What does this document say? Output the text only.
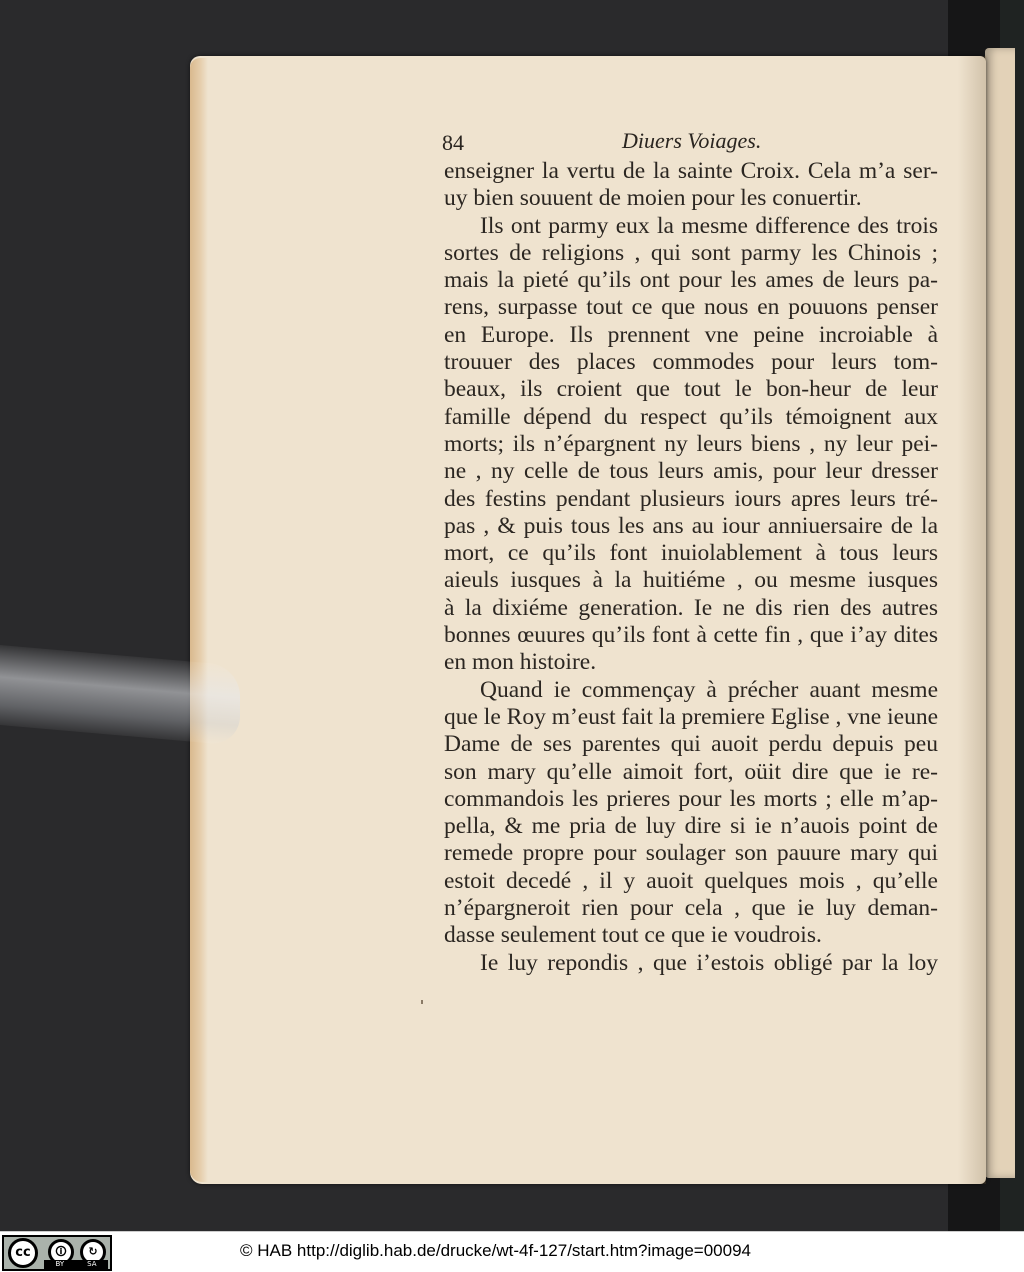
84	Diuers Voiages.
enseigner la vertu de la sainte Croix. Cela m’a ser-
uy bien souuent de moien pour les conuertir.
Ils ont parmy eux la mesme difference des trois
sortes de religions , qui sont parmy les Chinois ;
mais la pieté qu’ils ont pour les ames de leurs pa-
rens, surpasse tout ce que nous en pouuons penser
en Europe. Ils prennent vne peine incroiable à
trouuer des places commodes pour leurs tom-
beaux, ils croient que tout le bon-heur de leur
famille dépend du respect qu’ils témoignent aux
morts; ils n’épargnent ny leurs biens , ny leur pei-
ne , ny celle de tous leurs amis, pour leur dresser
des festins pendant plusieurs iours apres leurs tré-
pas , & puis tous les ans au iour anniuersaire de la
mort, ce qu’ils font inuiolablement à tous leurs
aieuls iusques à la huitiéme , ou mesme iusques
à la dixiéme generation. Ie ne dis rien des autres
bonnes œuures qu’ils font à cette fin , que i’ay dites
en mon histoire.
Quand ie commençay à précher auant mesme
que le Roy m’eust fait la premiere Eglise , vne ieune
Dame de ses parentes qui auoit perdu depuis peu
son mary qu’elle aimoit fort, oüit dire que ie re-
commandois les prieres pour les morts ; elle m’ap-
pella, & me pria de luy dire si ie n’auois point de
remede propre pour soulager son pauure mary qui
estoit decedé , il y auoit quelques mois , qu’elle
n’épargneroit rien pour cela , que ie luy deman-
dasse seulement tout ce que ie voudrois.
Ie luy repondis , que i’estois obligé par la loy
cc	🛈	↻
BY	SA
© HAB http://diglib.hab.de/drucke/wt-4f-127/start.htm?image=00094
